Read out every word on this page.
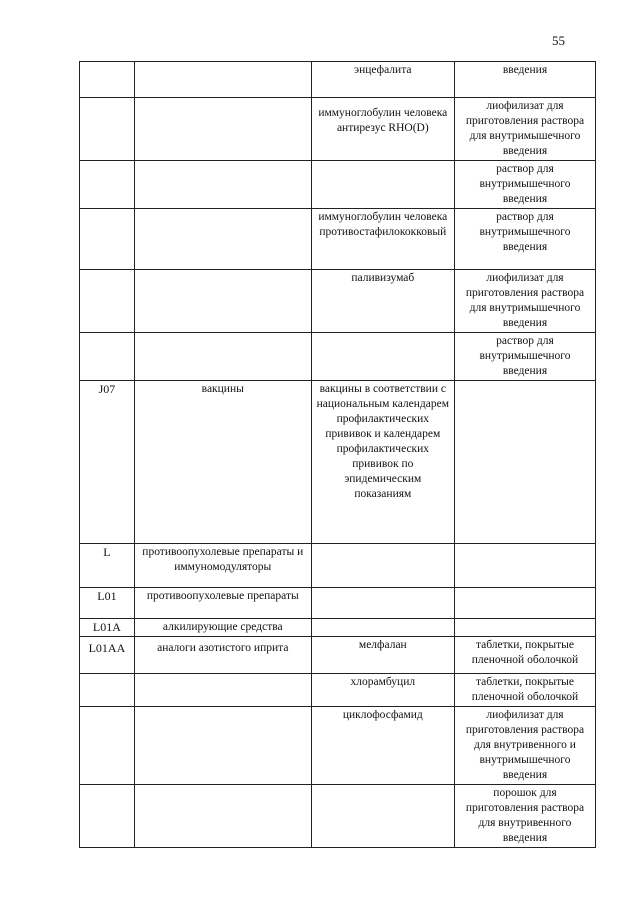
55
		энцефалита	введения
		иммуноглобулин человека антирезус RHO(D)	лиофилизат для приготовления раствора для внутримышечного введения
			раствор для внутримышечного введения
		иммуноглобулин человека противостафилококковый	раствор для внутримышечного введения
		паливизумаб	лиофилизат для приготовления раствора для внутримышечного введения
			раствор для внутримышечного введения
J07	вакцины	вакцины в соответствии с национальным календарем профилактических прививок и календарем профилактических прививок по эпидемическим показаниям	
L	противоопухолевые препараты и иммуномодуляторы		
L01	противоопухолевые препараты		
L01A	алкилирующие средства		
L01AA	аналоги азотистого иприта	мелфалан	таблетки, покрытые пленочной оболочкой
		хлорамбуцил	таблетки, покрытые пленочной оболочкой
		циклофосфамид	лиофилизат для приготовления раствора для внутривенного и внутримышечного введения
			порошок для приготовления раствора для внутривенного введения
